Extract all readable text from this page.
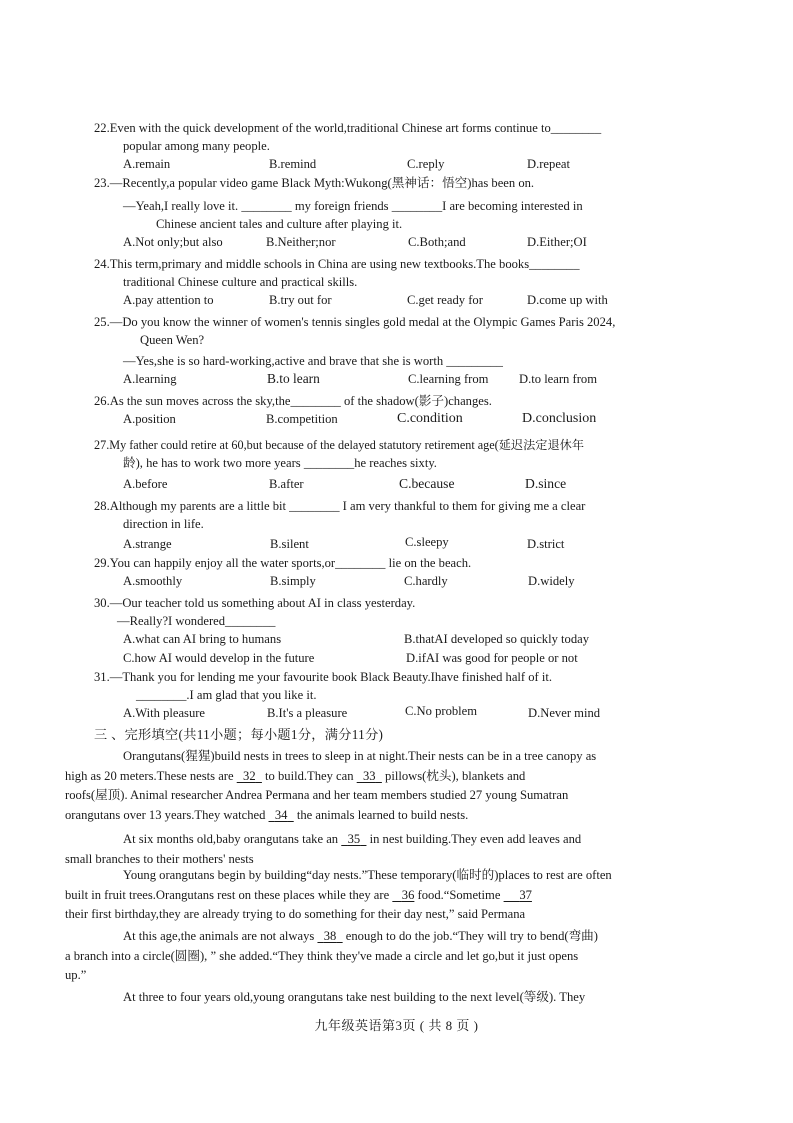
22.Even with the quick development of the world,traditional Chinese art forms continue to________
popular among many people.
A.remain	B.remind	C.reply	D.repeat
23.—Recently,a popular video game Black Myth:Wukong(黑神话：悟空)has been on.
—Yeah,I really love it. ________ my foreign friends ________I are becoming interested in
Chinese ancient tales and culture after playing it.
A.Not only;but also	B.Neither;nor	C.Both;and	D.Either;OI
24.This term,primary and middle schools in China are using new textbooks.The books________
traditional Chinese culture and practical skills.
A.pay attention to	B.try out for	C.get ready for	D.come up with
25.—Do you know the winner of women's tennis singles gold medal at the Olympic Games Paris 2024,
Queen Wen?
—Yes,she is so hard-working,active and brave that she is worth _________
A.learning	B.to learn	C.learning from D.to learn from
26.As the sun moves across the sky,the________ of the shadow(影子)changes.
A.position	B.competition	C.condition	D.conclusion
27.My father could retire at 60,but because of the delayed statutory retirement age(延迟法定退休年
龄), he has to work two more years ________he reaches sixty.
A.before	B.after	C.because	D.since
28.Although my parents are a little bit ________ I am very thankful to them for giving me a clear
direction in life.
A.strange	B.silent	C.sleepy	D.strict
29.You can happily enjoy all the water sports,or________ lie on the beach.
A.smoothly	B.simply	C.hardly	D.widely
30.—Our teacher told us something about AI in class yesterday.
—Really?I wondered________
A.what can AI bring to humans	B.thatAI developed so quickly today
C.how AI would develop in the future	D.ifAI was good for people or not
31.—Thank you for lending me your favourite book Black Beauty.Ihave finished half of it.
________.I am glad that you like it.
A.With pleasure	B.It's a pleasure	C.No problem	D.Never mind
三 、完形填空(共11小题；每小题1分，满分11分)
Orangutans(猩猩)build nests in trees to sleep in at night.Their nests can be in a tree canopy as
high as 20 meters.These nests are   32   to build.They can   33   pillows(枕头), blankets and
roofs(屋顶). Animal researcher Andrea Permana and her team members studied 27 young Sumatran
orangutans over 13 years.They watched   34   the animals learned to build nests.
At six months old,baby orangutans take an   35   in nest building.They even add leaves and
small branches to their mothers' nests
Young orangutans begin by building“day nests.”These temporary(临时的)places to rest are often
built in fruit trees.Orangutans rest on these places while they are    36 food.“Sometime      37
their first birthday,they are already trying to do something for their day nest,” said Permana
At this age,the animals are not always   38   enough to do the job.“They will try to bend(弯曲)
a branch into a circle(圆圈), ” she added.“They think they've made a circle and let go,but it just opens
up.”
At three to four years old,young orangutans take nest building to the next level(等级). They
九年级英语第3页 ( 共 8 页 )
